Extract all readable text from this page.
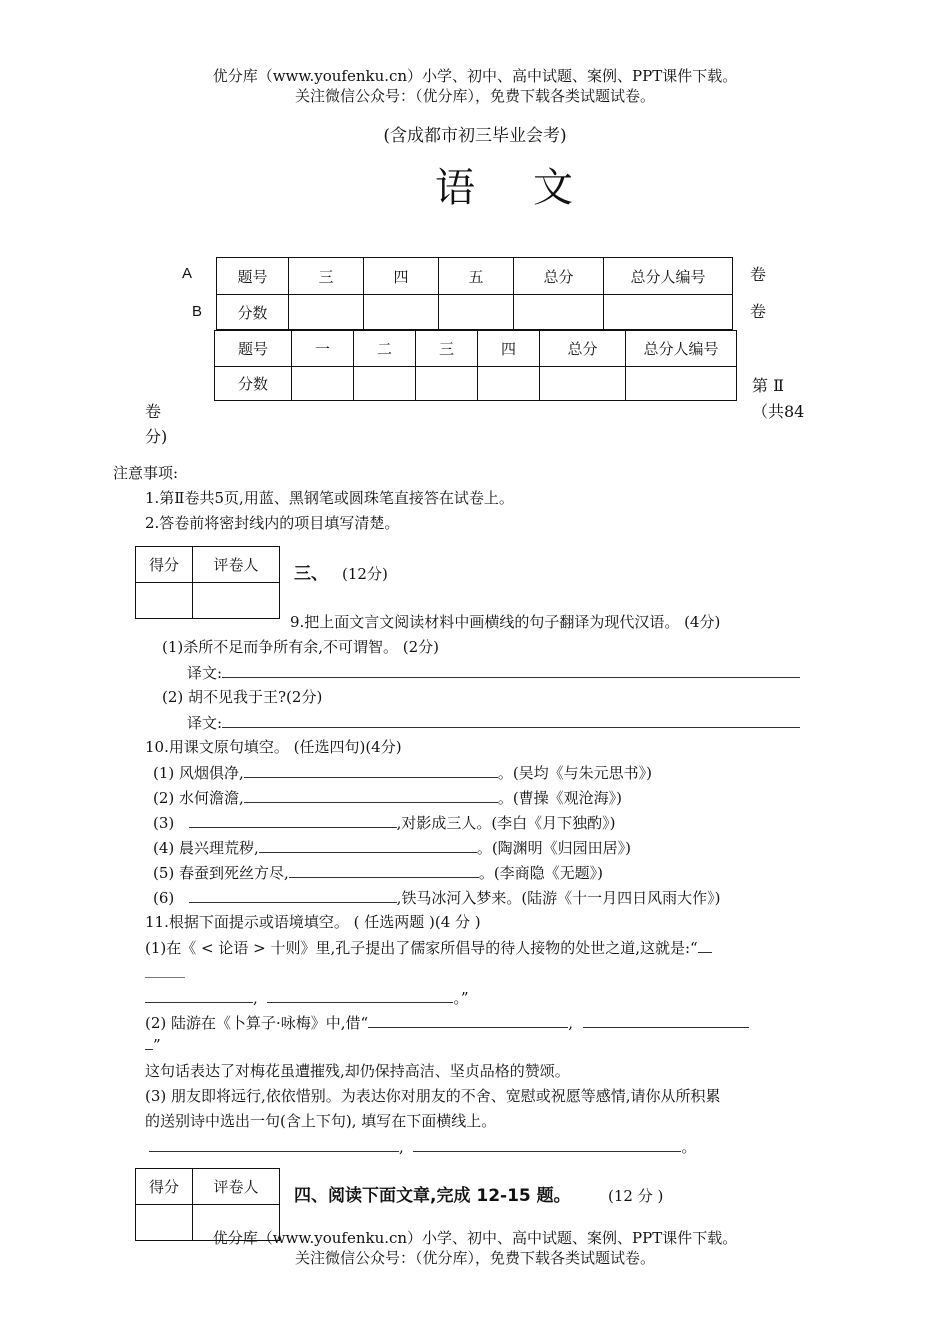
优分库（www.youfenku.cn）小学、初中、高中试题、案例、PPT课件下载。
关注微信公众号：（优分库），免费下载各类试题试卷。
(含成都市初三毕业会考)
语文
A
B
卷
卷
第 Ⅱ
（共84
卷
分)
题号	三	四	五	总分	总分人编号
分数					
题号	一	二	三	四	总分	总分人编号
分数						
注意事项:
1.第Ⅱ卷共5页,用蓝、黑钢笔或圆珠笔直接答在试卷上。
2.答卷前将密封线内的项目填写清楚。
得分	评卷人
	三、 (12分)
9.把上面文言文阅读材料中画横线的句子翻译为现代汉语。 (4分)
(1)杀所不足而争所有余,不可谓智。 (2分)
译文:
(2) 胡不见我于王?(2分)
译文:
10.用课文原句填空。 (任选四句)(4分)
(1) 风烟俱净,	。(吴均《与朱元思书》)
(2) 水何澹澹,	。(曹操《观沧海》)
(3)	,对影成三人。(李白《月下独酌》)
(4) 晨兴理荒秽,	。(陶渊明《归园田居》)
(5) 春蚕到死丝方尽,	。(李商隐《无题》)
(6)	,铁马冰河入梦来。(陆游《十一月四日风雨大作》)
11.根据下面提示或语境填空。 ( 任选两题 )(4 分 )
(1)在《 < 论语 > 十则》里,孔子提出了儒家所倡导的待人接物的处世之道,这就是:“
,	。”
(2) 陆游在《卜算子·咏梅》中,借“	,
”
这句话表达了对梅花虽遭摧残,却仍保持高洁、坚贞品格的赞颂。
(3) 朋友即将远行,依依惜别。为表达你对朋友的不舍、宽慰或祝愿等感情,请你从所积累
的送别诗中选出一句(含上下句), 填写在下面横线上。
,	。
得分	评卷人
	四、阅读下面文章,完成 12-15 题。 (12 分 )
优分库（www.youfenku.cn）小学、初中、高中试题、案例、PPT课件下载。
关注微信公众号：（优分库），免费下载各类试题试卷。
